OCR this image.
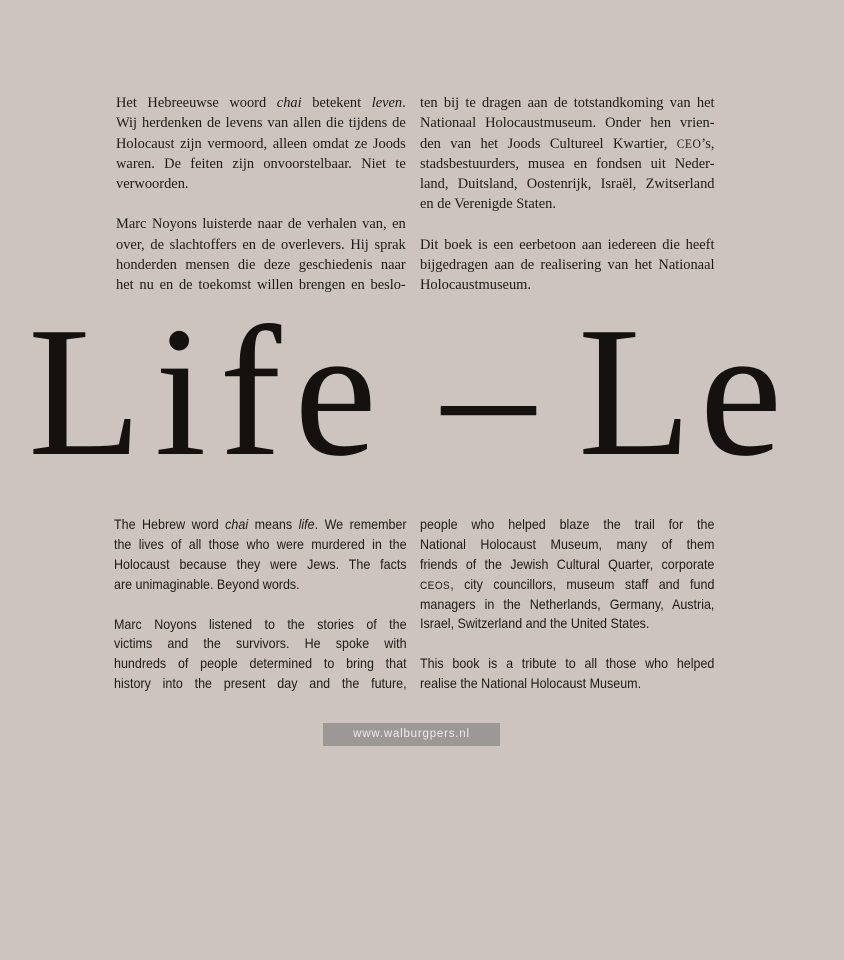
Het Hebreeuwse woord chai betekent leven.
Wij herdenken de levens van allen die tijdens de
Holocaust zijn vermoord, alleen omdat ze Joods
waren. De feiten zijn onvoorstelbaar. Niet te
verwoorden.
Marc Noyons luisterde naar de verhalen van, en
over, de slachtoffers en de overlevers. Hij sprak
honderden mensen die deze geschiedenis naar
het nu en de toekomst willen brengen en beslo-
ten bij te dragen aan de totstandkoming van het
Nationaal Holocaustmuseum. Onder hen vrien-
den van het Joods Cultureel Kwartier, CEO’s,
stadsbestuurders, musea en fondsen uit Neder-
land, Duitsland, Oostenrijk, Israël, Zwitserland
en de Verenigde Staten.
Dit boek is een eerbetoon aan iedereen die heeft
bijgedragen aan de realisering van het Nationaal
Holocaustmuseum.
Life – Le
The Hebrew word chai means life. We remember
the lives of all those who were murdered in the
Holocaust because they were Jews. The facts
are unimaginable. Beyond words.
Marc Noyons listened to the stories of the
victims and the survivors. He spoke with
hundreds of people determined to bring that
history into the present day and the future,
people who helped blaze the trail for the
National Holocaust Museum, many of them
friends of the Jewish Cultural Quarter, corporate
CEOS, city councillors, museum staff and fund
managers in the Netherlands, Germany, Austria,
Israel, Switzerland and the United States.
This book is a tribute to all those who helped
realise the National Holocaust Museum.
www.walburgpers.nl
